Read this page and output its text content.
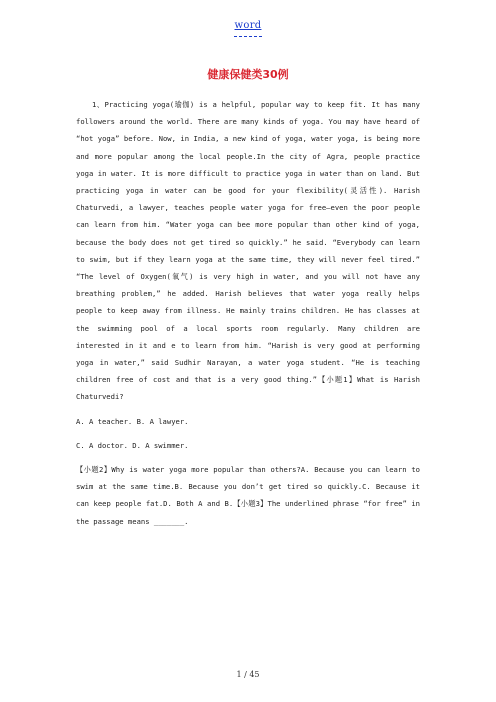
word
健康保健类30例

1、Practicing yoga(瑜伽) is a helpful, popular way to keep fit. It has many followers around the world. There are many kinds of yoga. You may have heard of “hot yoga” before. Now, in India, a new kind of yoga, water yoga, is being more and more popular among the local people.In the city of Agra, people practice yoga in water. It is more difficult to practice yoga in water than on land. But practicing yoga in water can be good for your flexibility(灵活性). Harish Chaturvedi, a lawyer, teaches people water yoga for free—even the poor people can learn from him. “Water yoga can bee more popular than other kind of yoga, because the body does not get tired so quickly.” he said. “Everybody can learn to swim, but if they learn yoga at the same time, they will never feel tired.” “The level of Oxygen(氧气) is very high in water, and you will not have any breathing problem,” he added. Harish believes that water yoga really helps people to keep away from illness. He mainly trains children. He has classes at the swimming pool of a local sports room regularly. Many children are interested in it and e to learn from him. “Harish is very good at performing yoga in water,” said Sudhir Narayan, a water yoga student. “He is teaching children free of cost and that is a very good thing.”【小题1】What is Harish Chaturvedi?

A. A teacher. B. A lawyer.

C. A doctor. D. A swimmer.

【小题2】Why is water yoga more popular than others?A. Because you can learn to swim at the same time.B. Because you don’t get tired so quickly.C. Because it can keep people fat.D. Both A and B.【小题3】The underlined phrase “for free” in the passage means _______.

1 / 45
